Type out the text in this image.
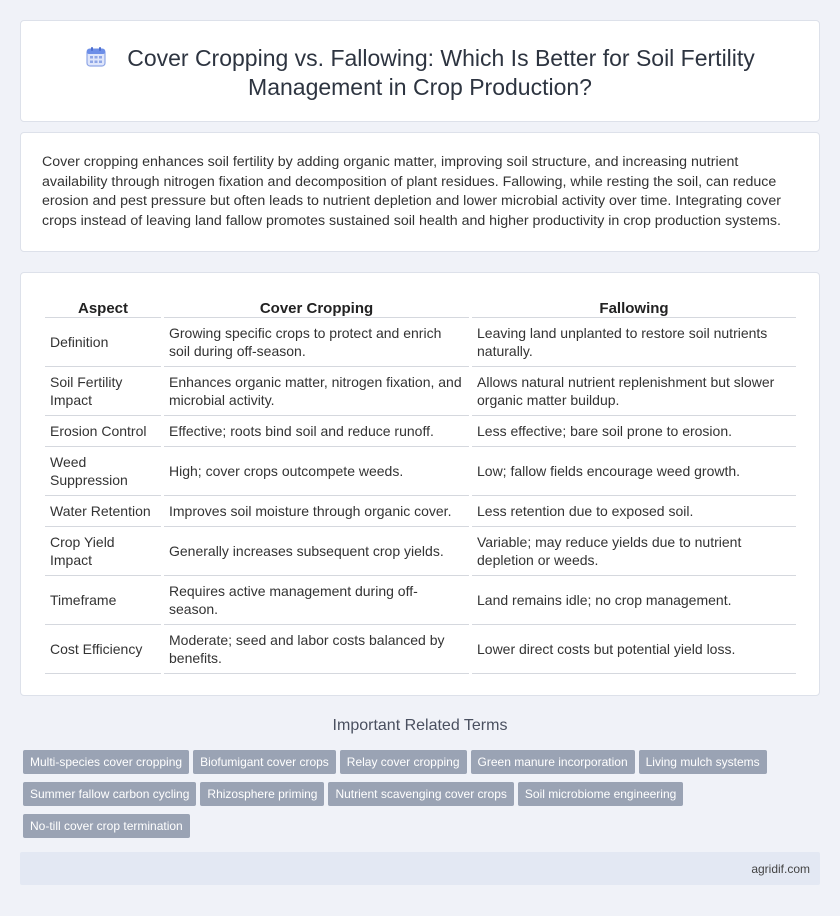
Cover Cropping vs. Fallowing: Which Is Better for Soil Fertility Management in Crop Production?

Cover cropping enhances soil fertility by adding organic matter, improving soil structure, and increasing nutrient availability through nitrogen fixation and decomposition of plant residues. Fallowing, while resting the soil, can reduce erosion and pest pressure but often leads to nutrient depletion and lower microbial activity over time. Integrating cover crops instead of leaving land fallow promotes sustained soil health and higher productivity in crop production systems.

Aspect	Cover Cropping	Fallowing
Definition	Growing specific crops to protect and enrich soil during off-season.	Leaving land unplanted to restore soil nutrients naturally.
Soil Fertility Impact	Enhances organic matter, nitrogen fixation, and microbial activity.	Allows natural nutrient replenishment but slower organic matter buildup.
Erosion Control	Effective; roots bind soil and reduce runoff.	Less effective; bare soil prone to erosion.
Weed Suppression	High; cover crops outcompete weeds.	Low; fallow fields encourage weed growth.
Water Retention	Improves soil moisture through organic cover.	Less retention due to exposed soil.
Crop Yield Impact	Generally increases subsequent crop yields.	Variable; may reduce yields due to nutrient depletion or weeds.
Timeframe	Requires active management during off-season.	Land remains idle; no crop management.
Cost Efficiency	Moderate; seed and labor costs balanced by benefits.	Lower direct costs but potential yield loss.
Important Related Terms
Multi-species cover cropping Biofumigant cover crops Relay cover cropping Green manure incorporation Living mulch systems
Summer fallow carbon cycling Rhizosphere priming Nutrient scavenging cover crops Soil microbiome engineering
No-till cover crop termination
agridif.com
